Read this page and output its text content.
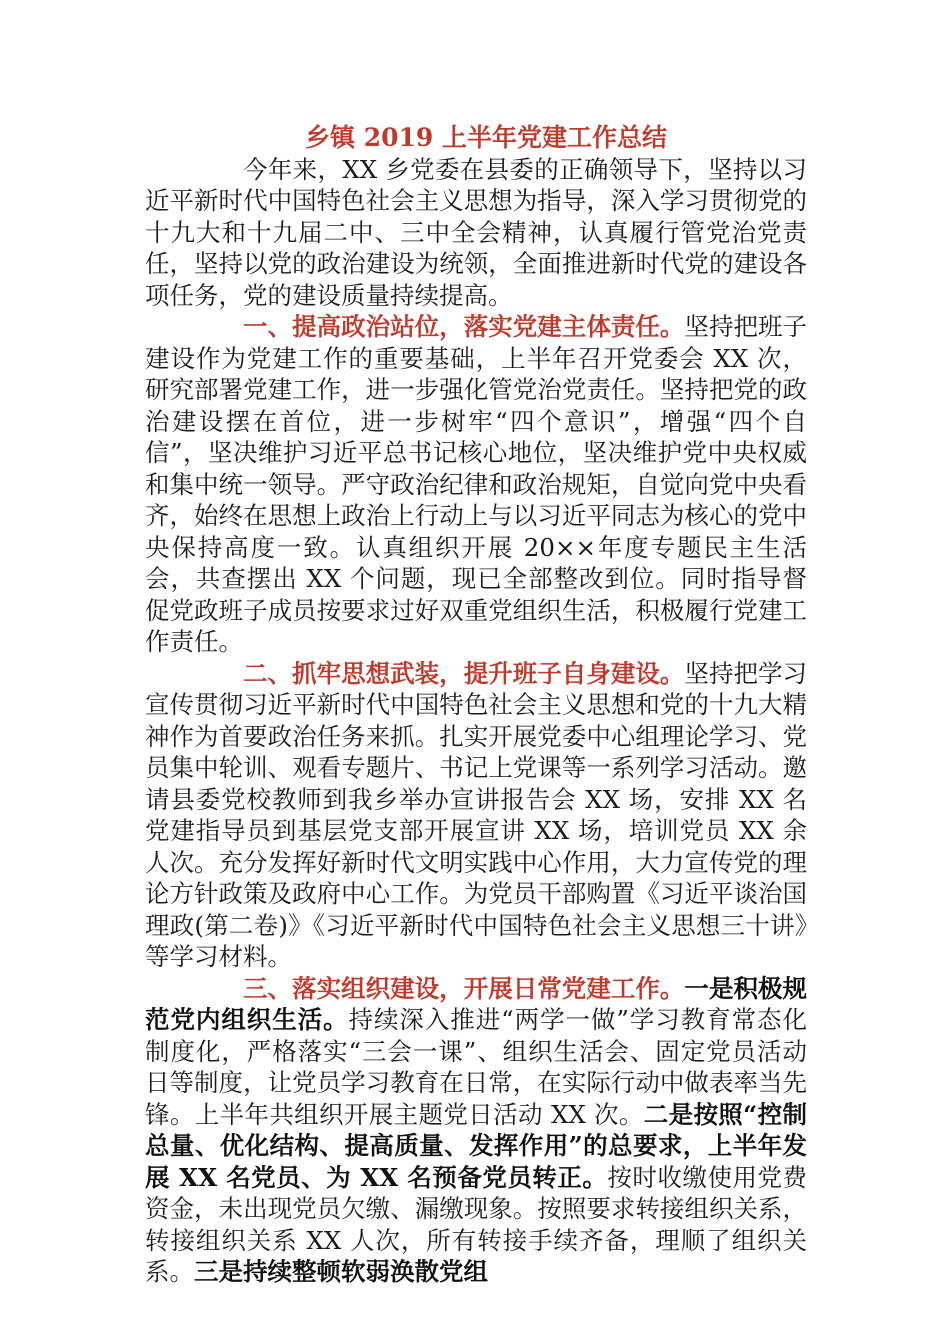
乡镇 2019 上半年党建工作总结

今年来，XX 乡党委在县委的正确领导下，坚持以习近平新时代中国特色社会主义思想为指导，深入学习贯彻党的十九大和十九届二中、三中全会精神，认真履行管党治党责任，坚持以党的政治建设为统领，全面推进新时代党的建设各项任务，党的建设质量持续提高。

一、提高政治站位，落实党建主体责任。坚持把班子建设作为党建工作的重要基础，上半年召开党委会 XX 次，研究部署党建工作，进一步强化管党治党责任。坚持把党的政治建设摆在首位，进一步树牢“四个意识”，增强“四个自信”，坚决维护习近平总书记核心地位，坚决维护党中央权威和集中统一领导。严守政治纪律和政治规矩，自觉向党中央看齐，始终在思想上政治上行动上与以习近平同志为核心的党中央保持高度一致。认真组织开展 20××年度专题民主生活会，共查摆出 XX 个问题，现已全部整改到位。同时指导督促党政班子成员按要求过好双重党组织生活，积极履行党建工作责任。

二、抓牢思想武装，提升班子自身建设。坚持把学习宣传贯彻习近平新时代中国特色社会主义思想和党的十九大精神作为首要政治任务来抓。扎实开展党委中心组理论学习、党员集中轮训、观看专题片、书记上党课等一系列学习活动。邀请县委党校教师到我乡举办宣讲报告会 XX 场，安排 XX 名党建指导员到基层党支部开展宣讲 XX 场，培训党员 XX 余人次。充分发挥好新时代文明实践中心作用，大力宣传党的理论方针政策及政府中心工作。为党员干部购置《习近平谈治国理政(第二卷)》《习近平新时代中国特色社会主义思想三十讲》等学习材料。

三、落实组织建设，开展日常党建工作。一是积极规范党内组织生活。持续深入推进“两学一做”学习教育常态化制度化，严格落实“三会一课”、组织生活会、固定党员活动日等制度，让党员学习教育在日常，在实际行动中做表率当先锋。上半年共组织开展主题党日活动 XX 次。二是按照“控制总量、优化结构、提高质量、发挥作用”的总要求，上半年发展 XX 名党员、为 XX 名预备党员转正。按时收缴使用党费资金，未出现党员欠缴、漏缴现象。按照要求转接组织关系，转接组织关系 XX 人次，所有转接手续齐备，理顺了组织关系。三是持续整顿软弱涣散党组
